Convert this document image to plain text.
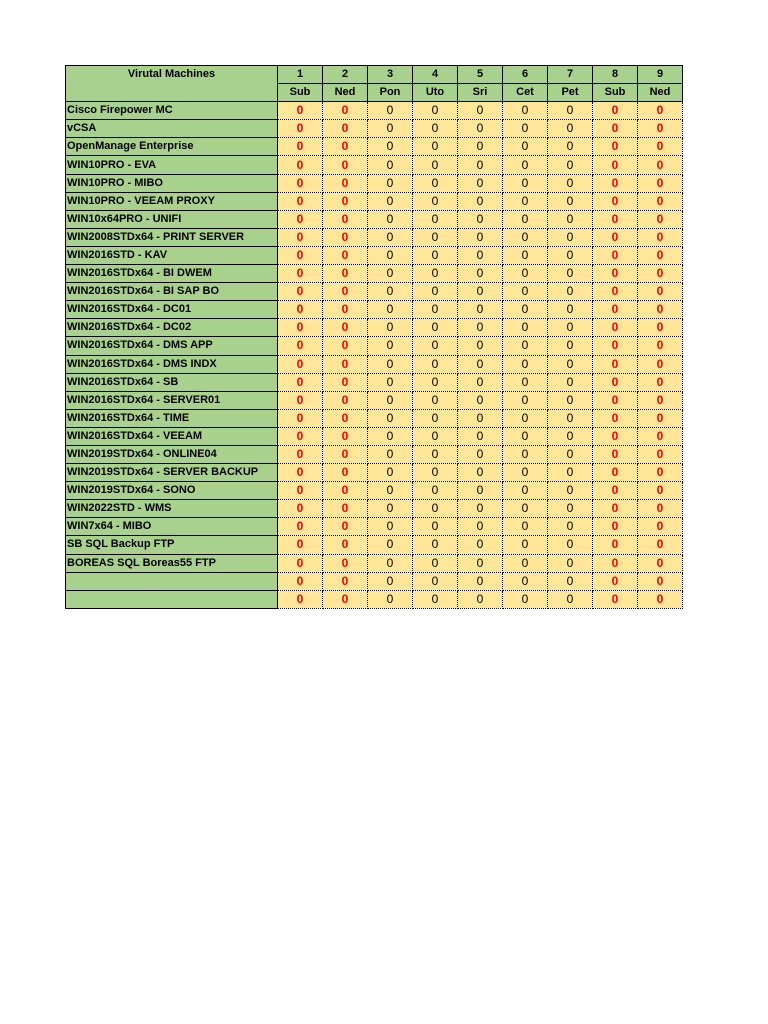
Virutal Machines	1	2	3	4	5	6	7	8	9
	Sub	Ned	Pon	Uto	Sri	Cet	Pet	Sub	Ned
Cisco Firepower MC	0	0	0	0	0	0	0	0	0
vCSA	0	0	0	0	0	0	0	0	0
OpenManage Enterprise	0	0	0	0	0	0	0	0	0
WIN10PRO - EVA	0	0	0	0	0	0	0	0	0
WIN10PRO - MIBO	0	0	0	0	0	0	0	0	0
WIN10PRO - VEEAM PROXY	0	0	0	0	0	0	0	0	0
WIN10x64PRO - UNIFI	0	0	0	0	0	0	0	0	0
WIN2008STDx64 - PRINT SERVER	0	0	0	0	0	0	0	0	0
WIN2016STD - KAV	0	0	0	0	0	0	0	0	0
WIN2016STDx64 - BI DWEM	0	0	0	0	0	0	0	0	0
WIN2016STDx64 - BI SAP BO	0	0	0	0	0	0	0	0	0
WIN2016STDx64 - DC01	0	0	0	0	0	0	0	0	0
WIN2016STDx64 - DC02	0	0	0	0	0	0	0	0	0
WIN2016STDx64 - DMS APP	0	0	0	0	0	0	0	0	0
WIN2016STDx64 - DMS INDX	0	0	0	0	0	0	0	0	0
WIN2016STDx64 - SB	0	0	0	0	0	0	0	0	0
WIN2016STDx64 - SERVER01	0	0	0	0	0	0	0	0	0
WIN2016STDx64 - TIME	0	0	0	0	0	0	0	0	0
WIN2016STDx64 - VEEAM	0	0	0	0	0	0	0	0	0
WIN2019STDx64 - ONLINE04	0	0	0	0	0	0	0	0	0
WIN2019STDx64 - SERVER BACKUP	0	0	0	0	0	0	0	0	0
WIN2019STDx64 - SONO	0	0	0	0	0	0	0	0	0
WIN2022STD - WMS	0	0	0	0	0	0	0	0	0
WIN7x64 - MIBO	0	0	0	0	0	0	0	0	0
SB SQL Backup FTP	0	0	0	0	0	0	0	0	0
BOREAS SQL Boreas55 FTP	0	0	0	0	0	0	0	0	0
	0	0	0	0	0	0	0	0	0
	0	0	0	0	0	0	0	0	0
